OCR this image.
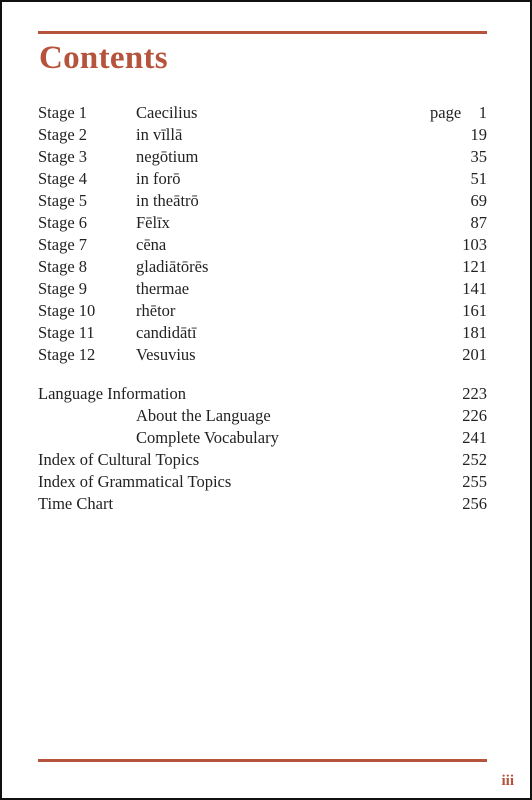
Contents
Stage 1	Caecilius	page 1
Stage 2	in vīllā	19
Stage 3	negōtium	35
Stage 4	in forō	51
Stage 5	in theātrō	69
Stage 6	Fēlīx	87
Stage 7	cēna	103
Stage 8	gladiātōrēs	121
Stage 9	thermae	141
Stage 10 rhētor	161
Stage 11	candidātī	181
Stage 12 Vesuvius	201
Language Information	223
About the Language	226
Complete Vocabulary	241
Index of Cultural Topics	252
Index of Grammatical Topics	255
Time Chart	256
iii
